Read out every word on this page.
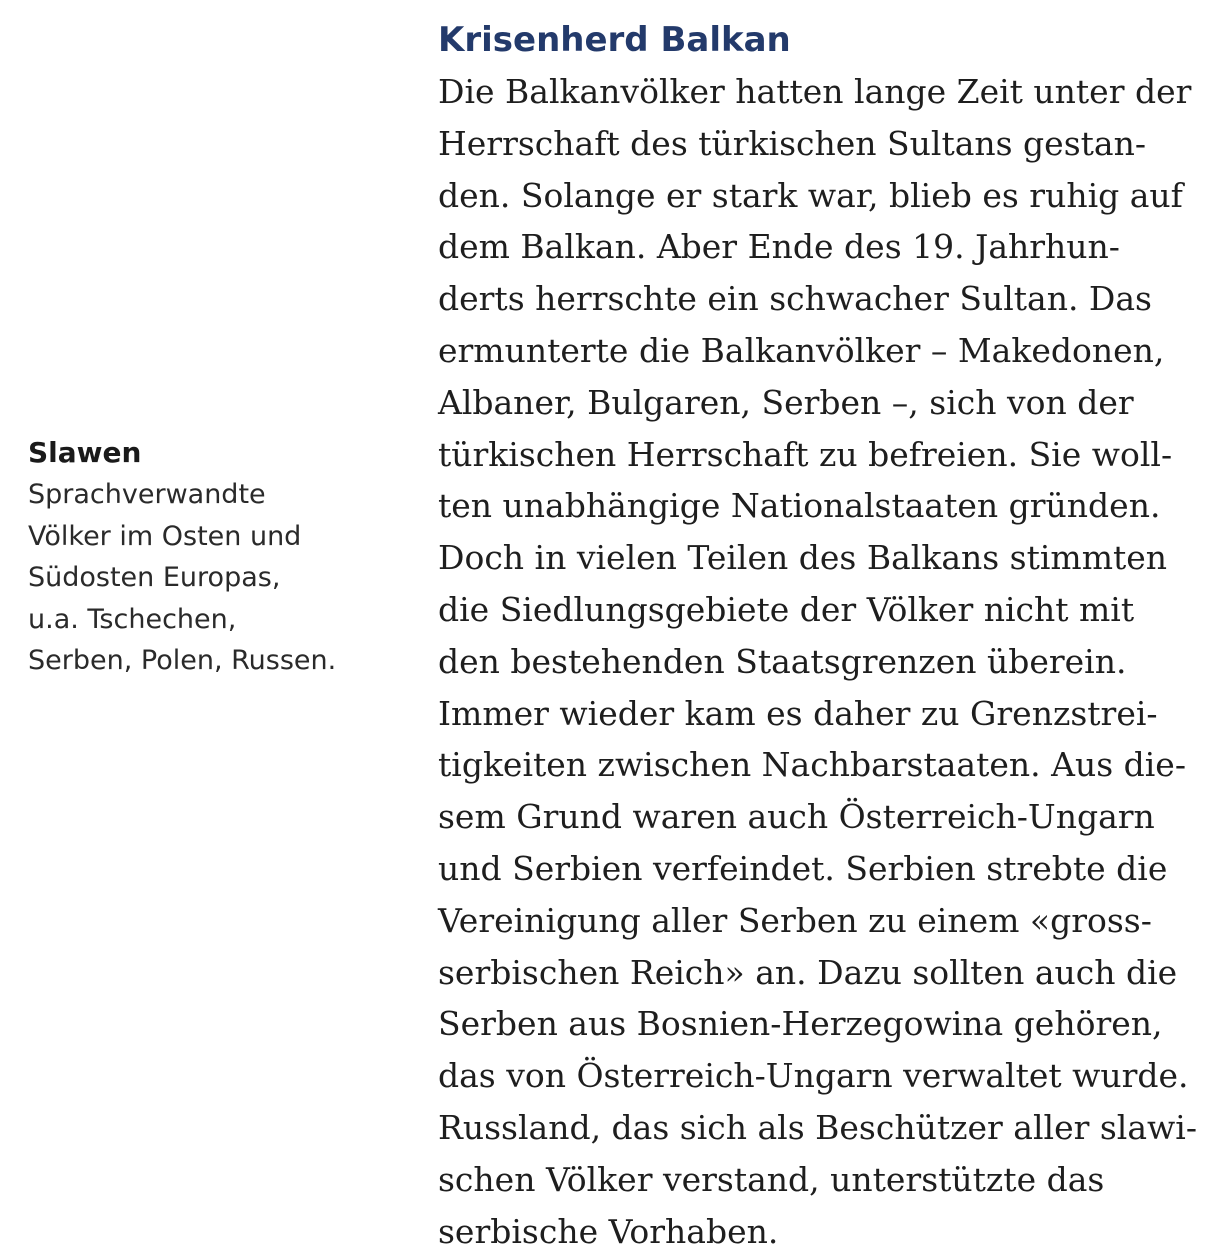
Slawen

Sprachverwandte

Völker im Osten und

Südosten Europas,

u.a. Tschechen,

Serben, Polen, Russen.

Krisenherd Balkan

Die Balkanvölker hatten lange Zeit unter der
Herrschaft des türkischen Sultans gestan-
den. Solange er stark war, blieb es ruhig auf
dem Balkan. Aber Ende des 19. Jahrhun-
derts herrschte ein schwacher Sultan. Das
ermunterte die Balkanvölker – Makedonen,
Albaner, Bulgaren, Serben –, sich von der
türkischen Herrschaft zu befreien. Sie woll-
ten unabhängige Nationalstaaten gründen.
Doch in vielen Teilen des Balkans stimmten
die Siedlungsgebiete der Völker nicht mit
den bestehenden Staatsgrenzen überein.
Immer wieder kam es daher zu Grenzstrei-
tigkeiten zwischen Nachbarstaaten. Aus die-
sem Grund waren auch Österreich-Ungarn
und Serbien verfeindet. Serbien strebte die
Vereinigung aller Serben zu einem «gross-
serbischen Reich» an. Dazu sollten auch die
Serben aus Bosnien-Herzegowina gehören,
das von Österreich-Ungarn verwaltet wurde.
Russland, das sich als Beschützer aller slawi-
schen Völker verstand, unterstützte das
serbische Vorhaben.
